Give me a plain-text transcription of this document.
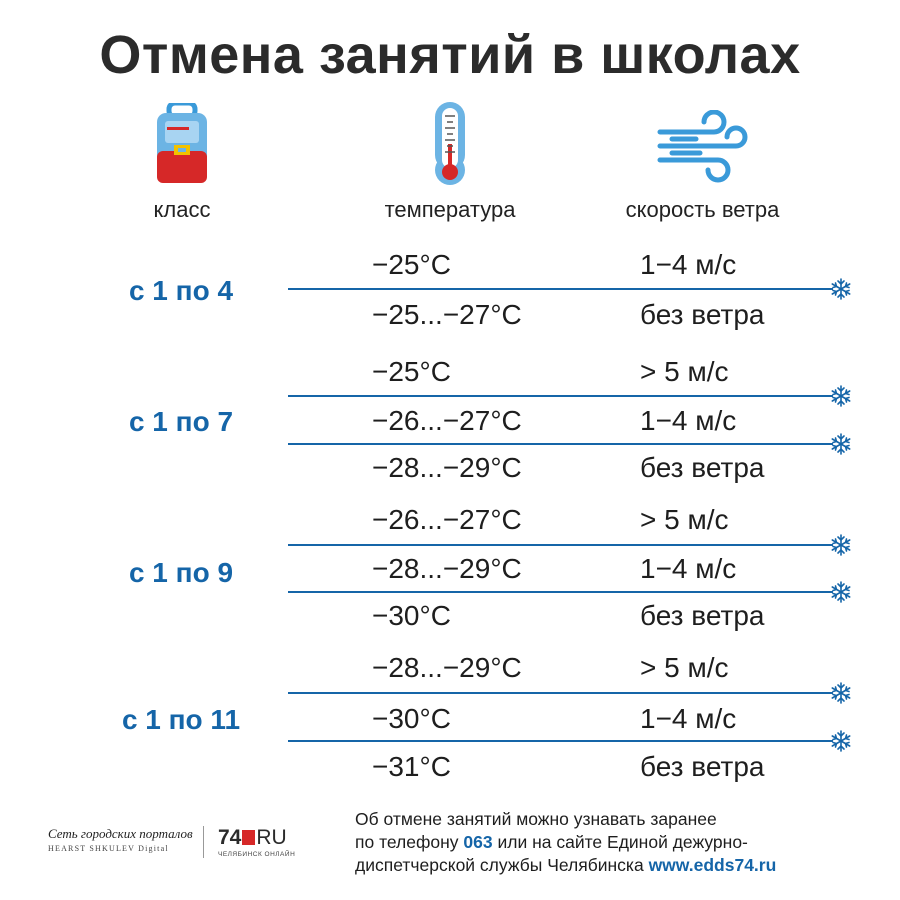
Отмена занятий в школах
класс	температура	скорость ветра
с 1 по 4
−25°C	1−4 м/с
−25...−27°C	без ветра
с 1 по 7
−25°C	> 5 м/с
−26...−27°C	1−4 м/с
−28...−29°C	без ветра
с 1 по 9
−26...−27°C	> 5 м/с
−28...−29°C	1−4 м/с
−30°C	без ветра
с 1 по 11
−28...−29°C	> 5 м/с
−30°C	1−4 м/с
−31°C	без ветра
Сеть городских порталов
HEARST SHKULEV Digital	74 RU
ЧЕЛЯБИНСК ОНЛАЙН
Об отмене занятий можно узнавать заранее
по телефону 063 или на сайте Единой дежурно-
диспетчерской службы Челябинска www.edds74.ru
